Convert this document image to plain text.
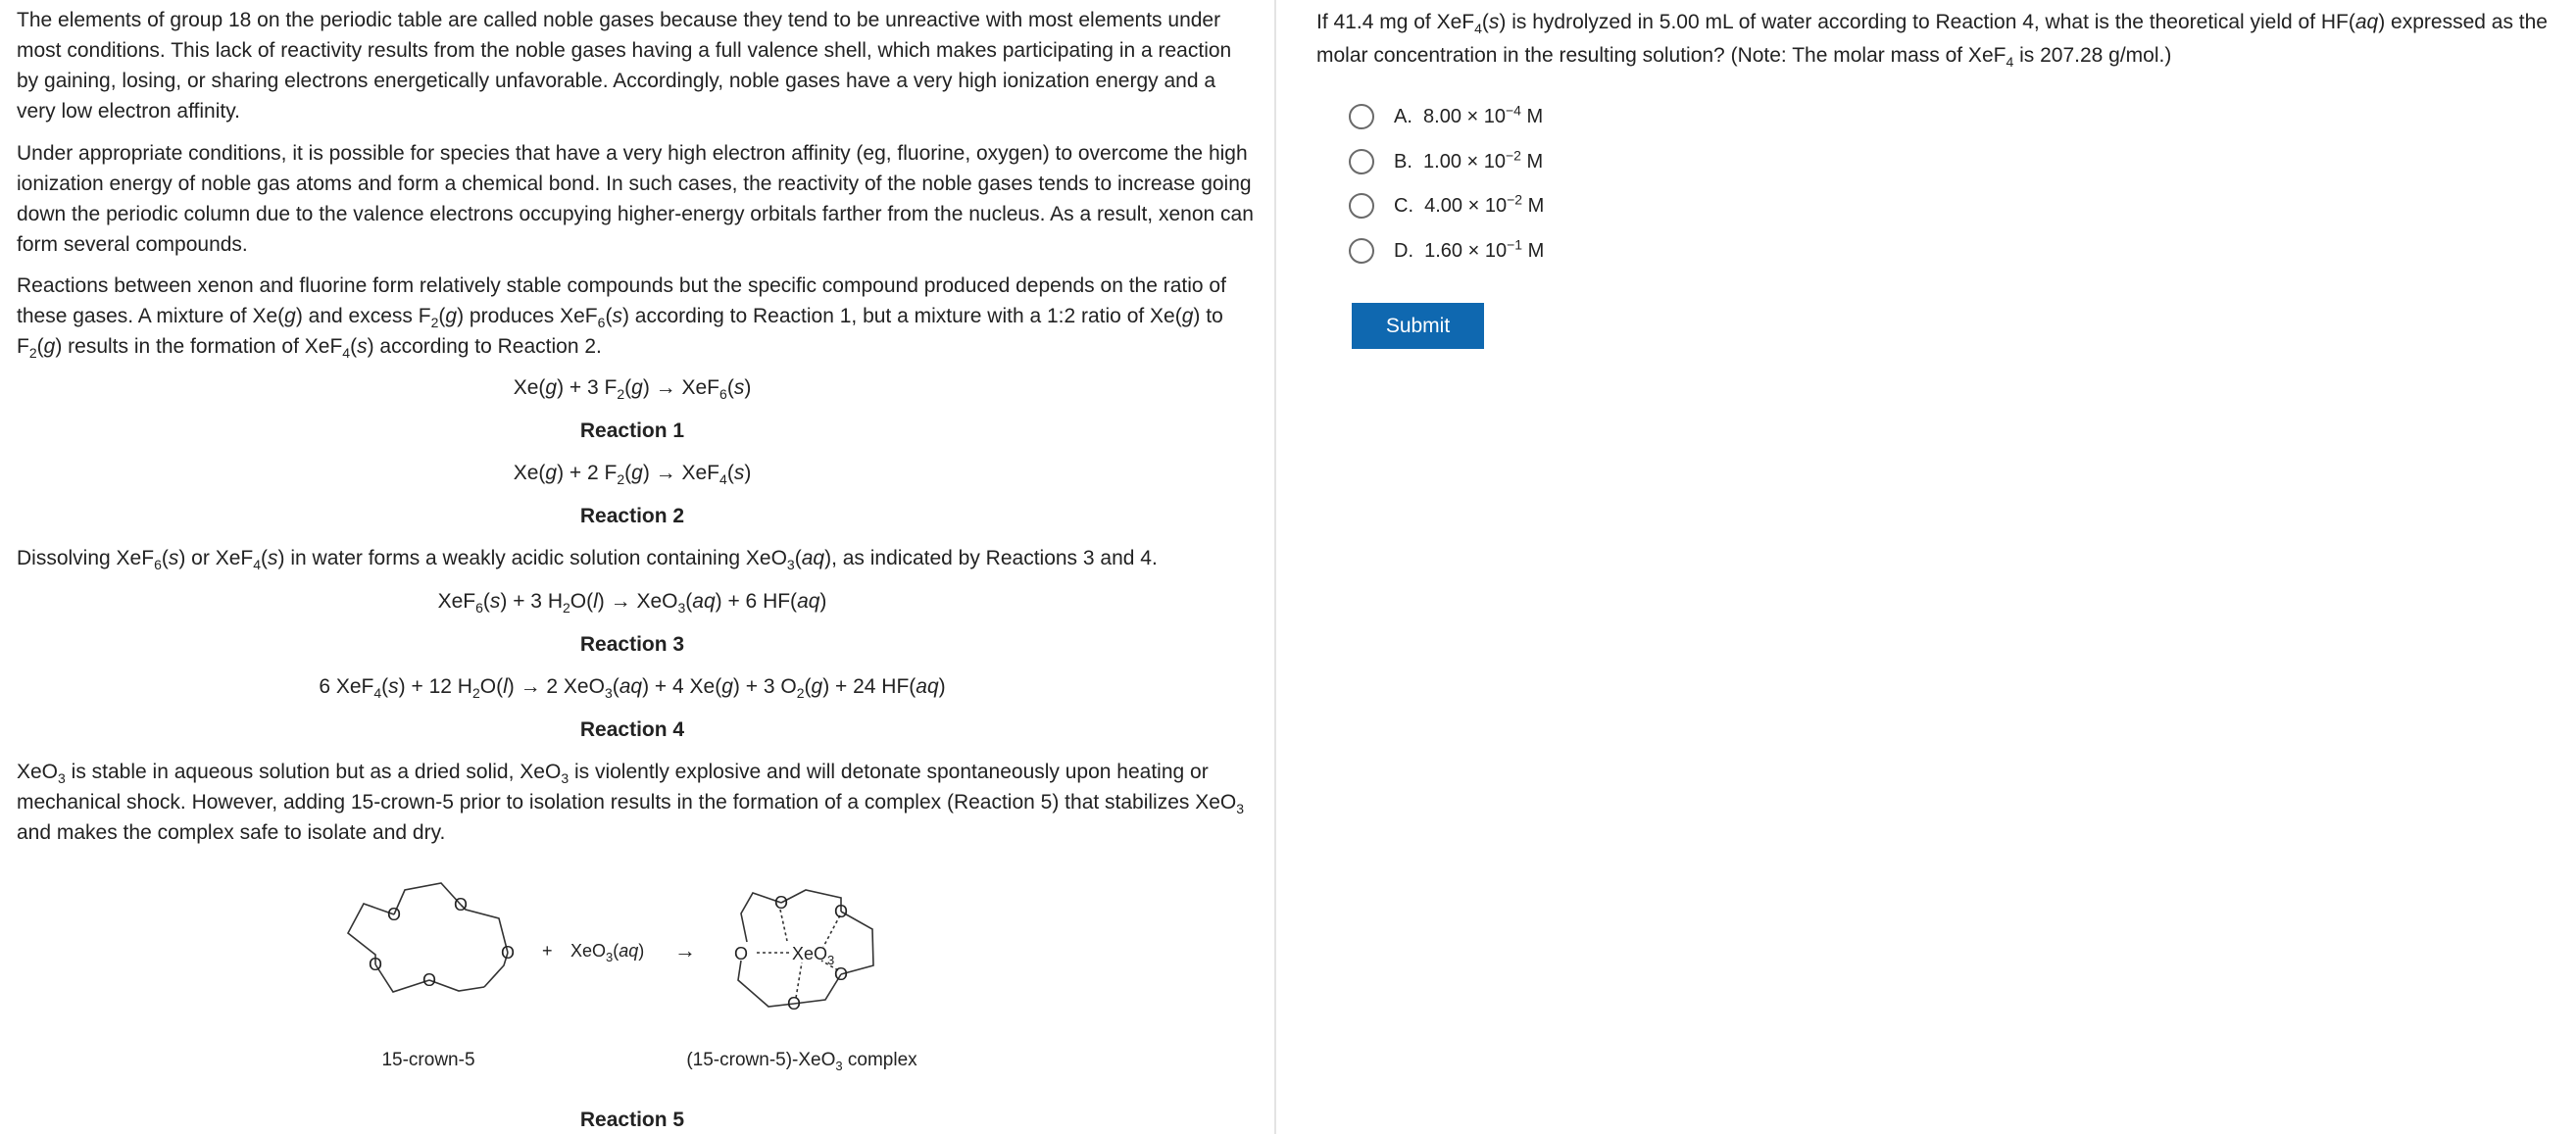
The elements of group 18 on the periodic table are called noble gases because they tend to be unreactive with most elements under most conditions. This lack of reactivity results from the noble gases having a full valence shell, which makes participating in a reaction by gaining, losing, or sharing electrons energetically unfavorable. Accordingly, noble gases have a very high ionization energy and a very low electron affinity.

Under appropriate conditions, it is possible for species that have a very high electron affinity (eg, fluorine, oxygen) to overcome the high ionization energy of noble gas atoms and form a chemical bond. In such cases, the reactivity of the noble gases tends to increase going down the periodic column due to the valence electrons occupying higher-energy orbitals farther from the nucleus. As a result, xenon can form several compounds.

Reactions between xenon and fluorine form relatively stable compounds but the specific compound produced depends on the ratio of these gases. A mixture of Xe(g) and excess $F_2(g)$ produces XeF$_6$(s) according to Reaction 1, but a mixture with a 1:2 ratio of Xe(g) to $F_2(g)$ results in the formation of XeF$_4$(s) according to Reaction 2.

Xe(g) + 3 $F_2(g) \to XeF_6(s)$

Reaction 1

Xe(g) + 2 $F_2(g) \to XeF_4(s)$

Reaction 2

Dissolving XeF$_6$(s) or XeF$_4$(s) in water forms a weakly acidic solution containing XeO$_3$(aq), as indicated by Reactions 3 and 4.

XeF$_6$(s) + 3 $H_2O(l) \to XeO_3(aq) + 6$ HF(aq)

Reaction 3

6 XeF$_4$(s) + 12 $H_2O(l) \to 2$ XeO$_3$(aq) + 4 Xe(g) + 3 $O_2(g) + 24$ HF(aq)

Reaction 4

XeO$_3$ is stable in aqueous solution but as a dried solid, XeO$_3$ is violently explosive and will detonate spontaneously upon heating or mechanical shock. However, adding 15-crown-5 prior to isolation results in the formation of a complex (Reaction 5) that stabilizes XeO$_3$ and makes the complex safe to isolate and dry.

O	O
O
O
O
+ XeO$_3$(aq) →
O	O
O
O
O XeO$_3$
15-crown-5	(15-crown-5)-XeO$_3$ complex

Reaction 5

If 41.4 mg of XeF$_4$(s) is hydrolyzed in 5.00 mL of water according to Reaction 4, what is the theoretical yield of HF(aq) expressed as the molar concentration in the resulting solution? (Note: The molar mass of XeF$_4$ is 207.28 g/mol.)

A. $8.00 \times 10^{-4}$ M
B. $1.00 \times 10^{-2}$ M
C. $4.00 \times 10^{-2}$ M
D. $1.60 \times 10^{-1}$ M
Submit
